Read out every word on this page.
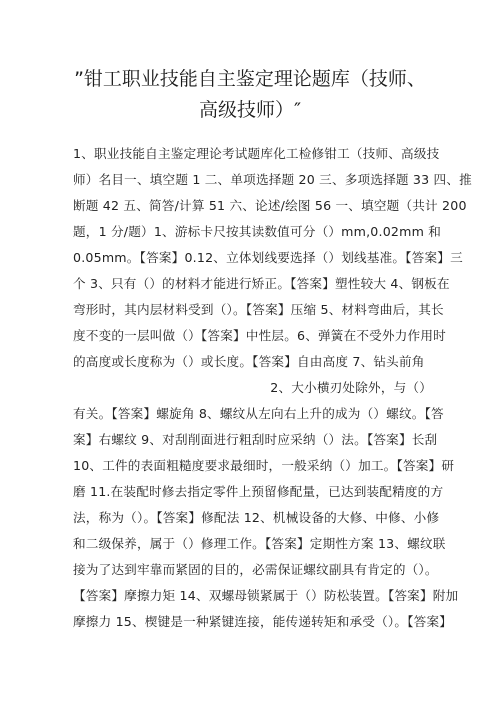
”钳工职业技能自主鉴定理论题库（技师、
高级技师）″
1、职业技能自主鉴定理论考试题库化工检修钳工（技师、高级技
师）名目一、填空题 1 二、单项选择题 20 三、多项选择题 33 四、推
断题 42 五、简答/计算 51 六、论述/绘图 56 一、填空题（共计 200
题，1 分/题）1、游标卡尺按其读数值可分（）mm,0.02mm 和
0.05mm。【答案】0.12、立体划线要选择（）划线基准。【答案】三
个 3、只有（）的材料才能进行矫正。【答案】塑性较大 4、钢板在
弯形时，其内层材料受到（）。【答案】压缩 5、材料弯曲后，其长
度不变的一层叫做（）【答案】中性层。6、弹簧在不受外力作用时
的高度或长度称为（）或长度。【答案】自由高度 7、钻头前角
2、大小横刃处除外，与（）
有关。【答案】螺旋角 8、螺纹从左向右上升的成为（）螺纹。【答
案】右螺纹 9、对刮削面进行粗刮时应采纳（）法。【答案】长刮
10、工件的表面粗糙度要求最细时，一般采纳（）加工。【答案】研
磨 11.在装配时修去指定零件上预留修配量，已达到装配精度的方
法，称为（）。【答案】修配法 12、机械设备的大修、中修、小修
和二级保养，属于（）修理工作。【答案】定期性方案 13、螺纹联
接为了达到牢靠而紧固的目的，必需保证螺纹副具有肯定的（）。
【答案】摩擦力矩 14、双螺母锁紧属于（）防松装置。【答案】附加
摩擦力 15、楔键是一种紧键连接，能传递转矩和承受（）。【答案】
